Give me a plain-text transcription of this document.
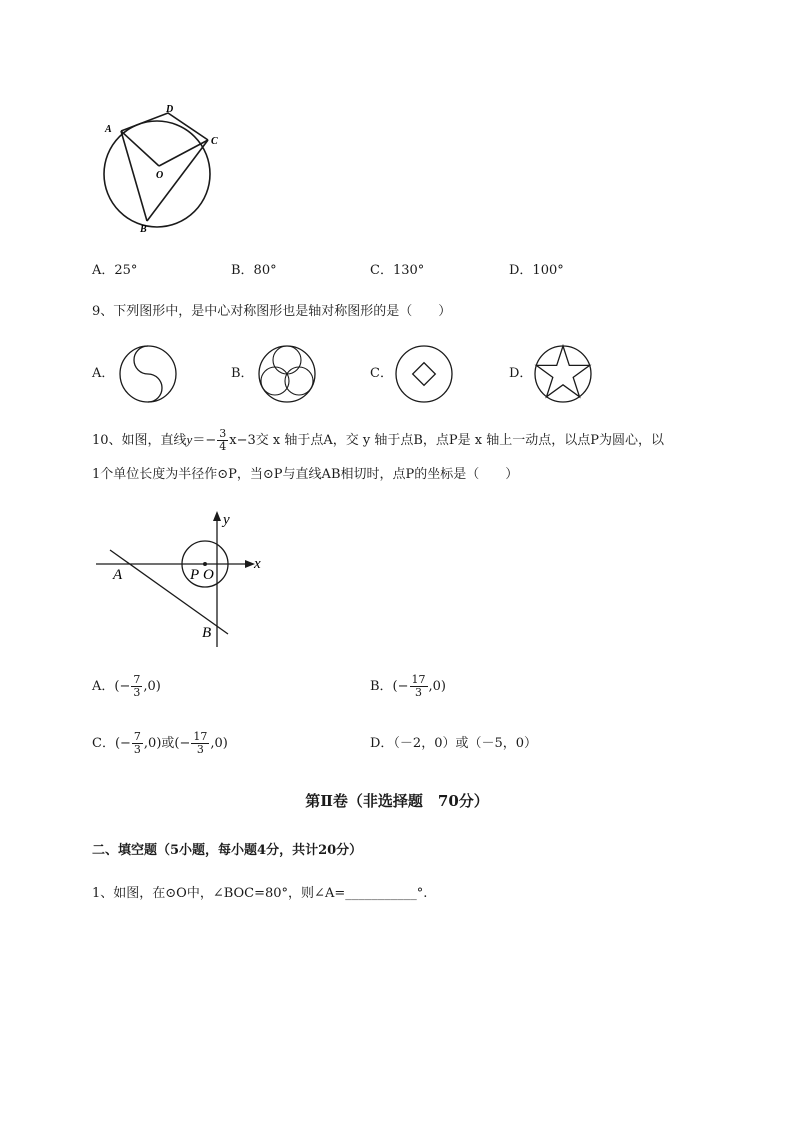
A
D
C
O
B
A．25°	B．80°	C．130°	D．100°
9、下列图形中，是中心对称图形也是轴对称图形的是（　　）
A．	B．	C．	D．
10、如图，直线$y=- \frac{3}{4} x-3$交 x 轴于点A，交 y 轴于点B，点P是 x 轴上一动点，以点P为圆心，以
1个单位长度为半径作⊙P，当⊙P与直线AB相切时，点P的坐标是（　　）
y
x
A	P O
B
A．(− $\frac{7}{3} ,0$)	B．(− $\frac{17}{3} ,0$)
C．(− $\frac{7}{3} ,0$)或(− $\frac{17}{3} ,0$)	D．（－2，0）或（－5，0）
第Ⅱ卷（非选择题　70分）
二、填空题（5小题，每小题4分，共计20分）
1、如图，在⊙O中，∠BOC=80°，则∠A=___________°.
